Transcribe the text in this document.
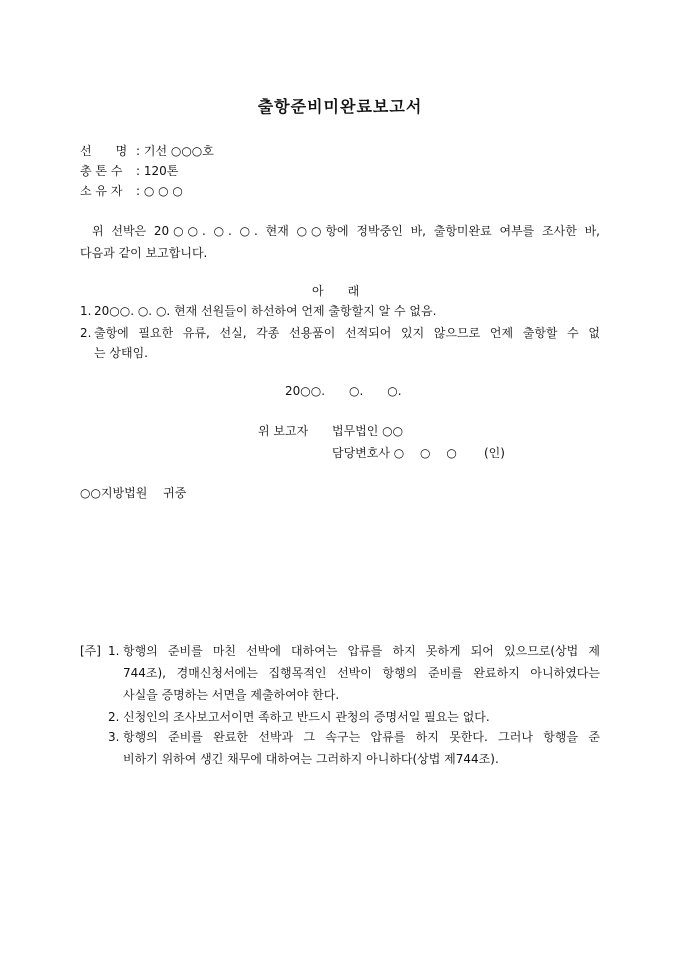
출항준비미완료보고서
선　　명 : 기선 ○○○호
총 톤 수 : 120톤
소 유 자 : ○ ○ ○
위 선박은 20○○. ○. ○. 현재 ○○항에 정박중인 바, 출항미완료 여부를 조사한 바,
다음과 같이 보고합니다.
아　　래
1. 20○○. ○. ○. 현재 선원들이 하선하여 언제 출항할지 알 수 없음.
2. 출항에 필요한 유류, 선실, 각종 선용품이 선적되어 있지 않으므로 언제 출항할 수 없
는 상태임.
20○○.　　○.　　○.
위 보고자 법무법인 ○○
담당변호사 ○　 ○　 ○ (인)
○○지방법원　 귀중
[주] 1. 항행의 준비를 마친 선박에 대하여는 압류를 하지 못하게 되어 있으므로(상법 제
744조), 경매신청서에는 집행목적인 선박이 항행의 준비를 완료하지 아니하였다는
사실을 증명하는 서면을 제출하여야 한다.
2. 신청인의 조사보고서이면 족하고 반드시 관청의 증명서일 필요는 없다.
3. 항행의 준비를 완료한 선박과 그 속구는 압류를 하지 못한다. 그러나 항행을 준
비하기 위하여 생긴 채무에 대하여는 그러하지 아니하다(상법 제744조).
